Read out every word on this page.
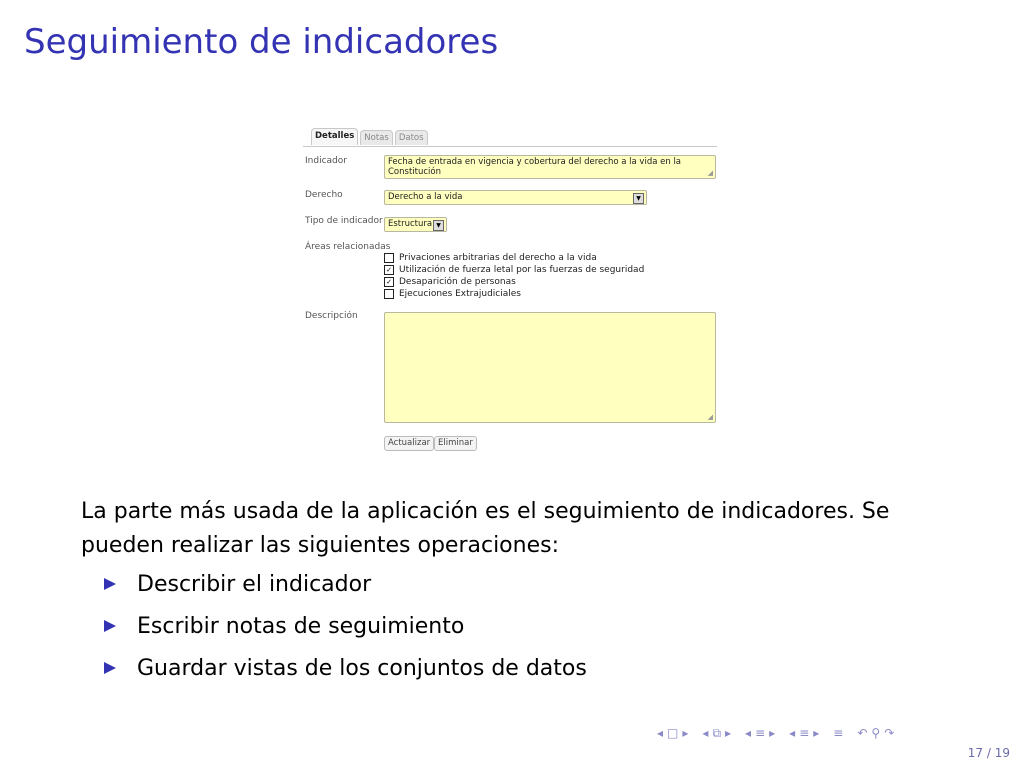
Seguimiento de indicadores
Detalles	Notas	Datos
Indicador	Fecha de entrada en vigencia y cobertura del derecho a la vida en la Constitución	◢
Derecho	Derecho a la vida	▼
Tipo de indicador Estructura ▼
Áreas relacionadas
Privaciones arbitrarias del derecho a la vida
✓ Utilización de fuerza letal por las fuerzas de seguridad
✓ Desaparición de personas
Ejecuciones Extrajudiciales
Descripción
◢
Actualizar Eliminar

La parte más usada de la aplicación es el seguimiento de indicadores. Se pueden realizar las siguientes operaciones:

Describir el indicador
Escribir notas de seguimiento
Guardar vistas de los conjuntos de datos
◂ □ ▸ ◂ ⧉ ▸ ◂ ≡ ▸ ◂ ≡ ▸ ≡ ↶ ⚲ ↷
17 / 19
